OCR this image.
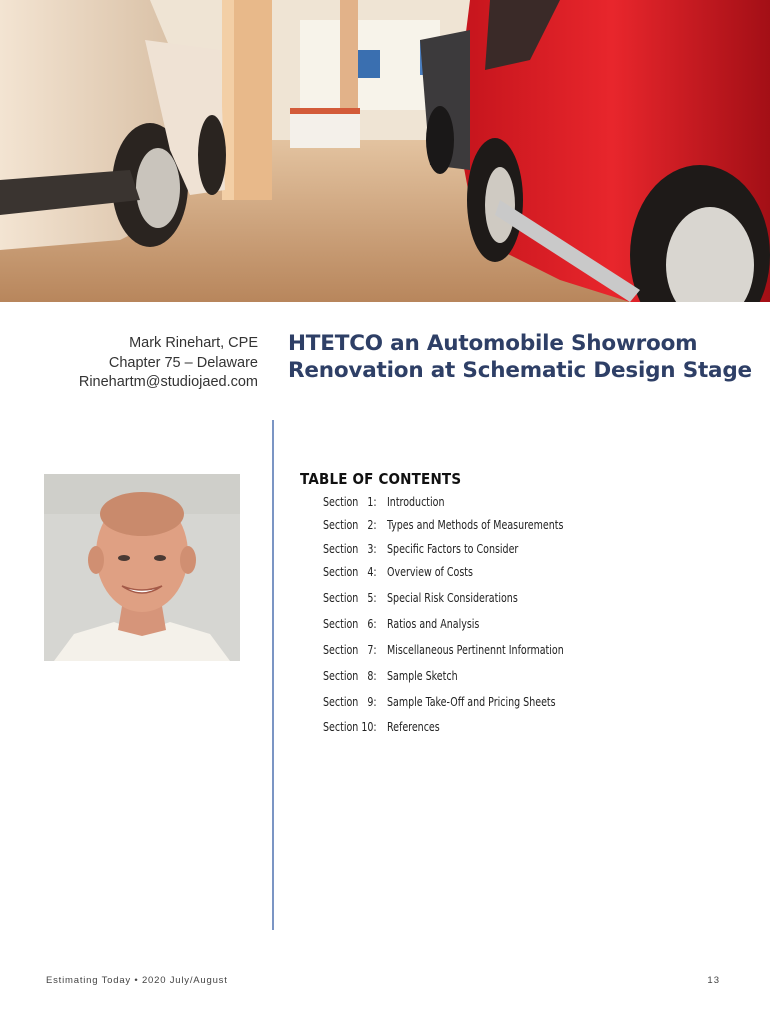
Mark Rinehart, CPE
Chapter 75 – Delaware
Rinehartm@studiojaed.com
HTETCO an Automobile Showroom
Renovation at Schematic Design Stage
TABLE OF CONTENTS
Section   1: Introduction
Section   2: Types and Methods of Measurements
Section   3: Specific Factors to Consider
Section   4: Overview of Costs
Section   5: Special Risk Considerations
Section   6: Ratios and Analysis
Section   7: Miscellaneous Pertinennt Information
Section   8: Sample Sketch
Section   9: Sample Take-Off and Pricing Sheets
Section 10: References
Estimating Today • 2020 July/August	13
